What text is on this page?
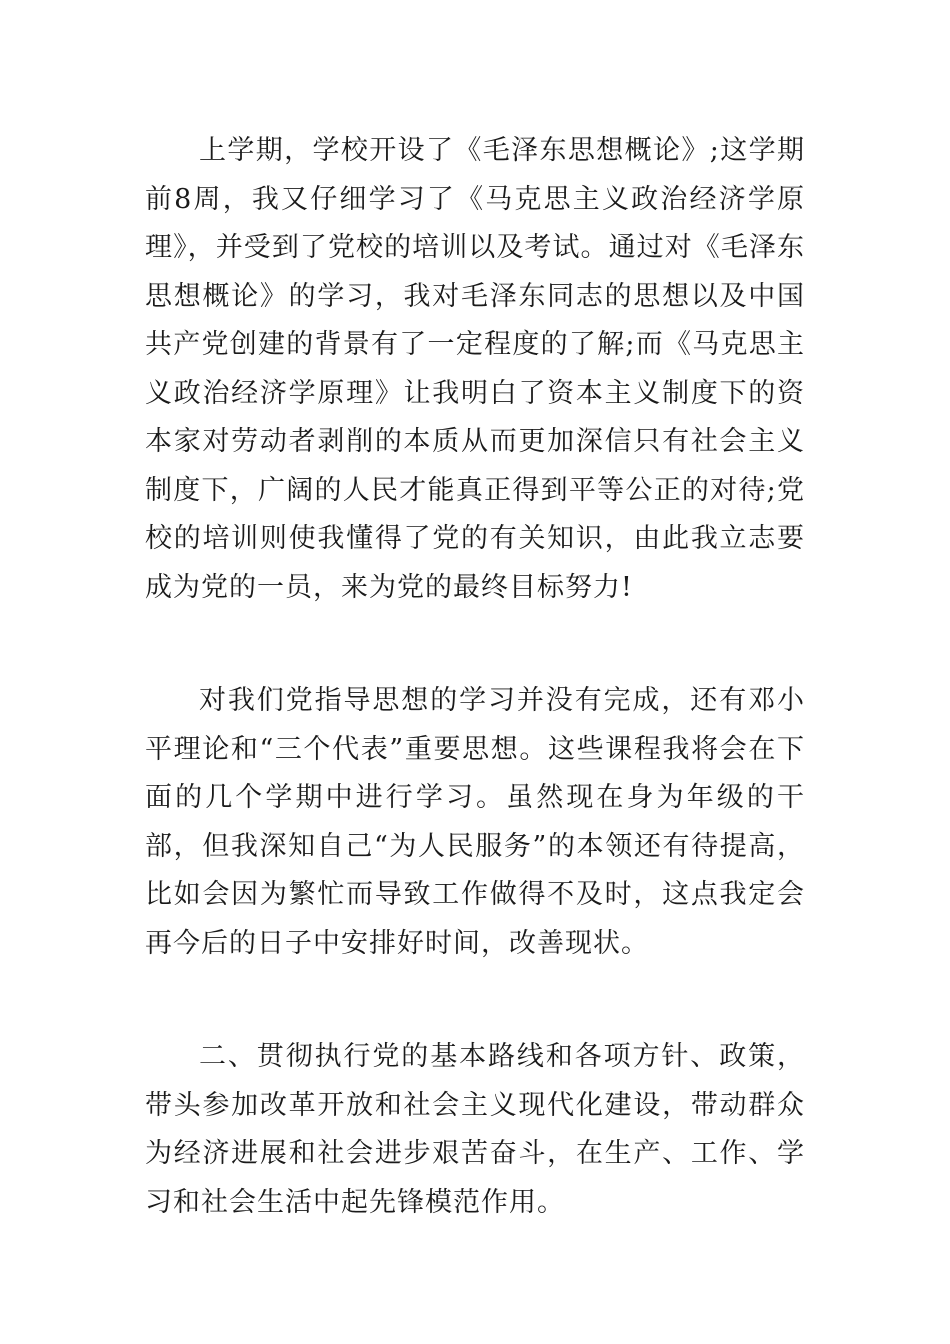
上学期，学校开设了《毛泽东思想概论》;这学期前8周，我又仔细学习了《马克思主义政治经济学原理》，并受到了党校的培训以及考试。通过对《毛泽东思想概论》的学习，我对毛泽东同志的思想以及中国共产党创建的背景有了一定程度的了解;而《马克思主义政治经济学原理》让我明白了资本主义制度下的资本家对劳动者剥削的本质从而更加深信只有社会主义制度下，广阔的人民才能真正得到平等公正的对待;党校的培训则使我懂得了党的有关知识，由此我立志要成为党的一员，来为党的最终目标努力!

对我们党指导思想的学习并没有完成，还有邓小平理论和“三个代表”重要思想。这些课程我将会在下面的几个学期中进行学习。虽然现在身为年级的干部，但我深知自己“为人民服务”的本领还有待提高，比如会因为繁忙而导致工作做得不及时，这点我定会再今后的日子中安排好时间，改善现状。

二、贯彻执行党的基本路线和各项方针、政策，带头参加改革开放和社会主义现代化建设，带动群众为经济进展和社会进步艰苦奋斗，在生产、工作、学习和社会生活中起先锋模范作用。
